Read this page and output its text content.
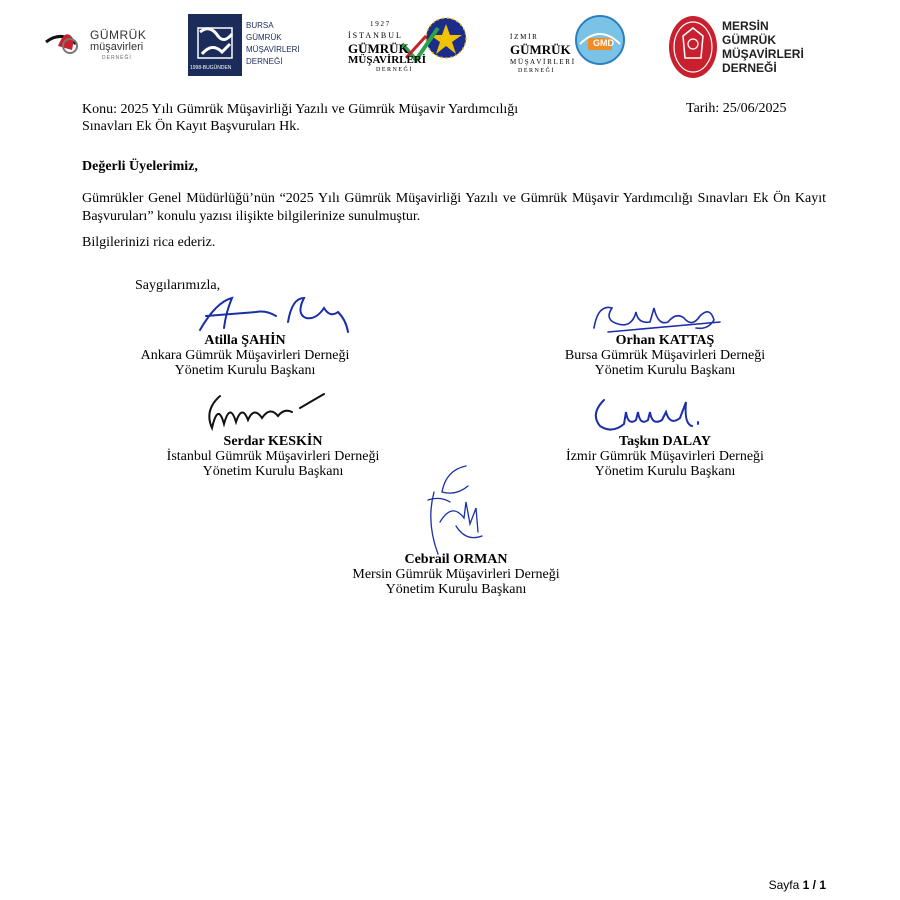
GÜMRÜK
müşavirleri
DERNEĞİ
1998-BUGÜNDEN
BURSA
GÜMRÜK
MÜŞAVİRLERİ
DERNEĞİ
1 9 2 7
İSTANBUL
GÜMRÜK
MÜŞAVİRLERİ
D E R N E Ğ İ
GMD
İ Z M İ R
GÜMRÜK
M Ü Ş A V İ R L E R İ
D E R N E Ğ İ
MERSİN
GÜMRÜK
MÜŞAVİRLERİ
DERNEĞİ
Konu: 2025 Yılı Gümrük Müşavirliği Yazılı ve Gümrük Müşavir Yardımcılığı
Sınavları Ek Ön Kayıt Başvuruları Hk.
Tarih: 25/06/2025
Değerli Üyelerimiz,
Gümrükler Genel Müdürlüğü’nün “2025 Yılı Gümrük Müşavirliği Yazılı ve Gümrük Müşavir Yardımcılığı Sınavları Ek Ön Kayıt Başvuruları” konulu yazısı ilişikte bilgilerinize sunulmuştur.
Bilgilerinizi rica ederiz.
Saygılarımızla,
Atilla ŞAHİN
Ankara Gümrük Müşavirleri Derneği
Yönetim Kurulu Başkanı
Orhan KATTAŞ
Bursa Gümrük Müşavirleri Derneği
Yönetim Kurulu Başkanı
Serdar KESKİN
İstanbul Gümrük Müşavirleri Derneği
Yönetim Kurulu Başkanı
Taşkın DALAY
İzmir Gümrük Müşavirleri Derneği
Yönetim Kurulu Başkanı
Cebrail ORMAN
Mersin Gümrük Müşavirleri Derneği
Yönetim Kurulu Başkanı
Sayfa 1 / 1
